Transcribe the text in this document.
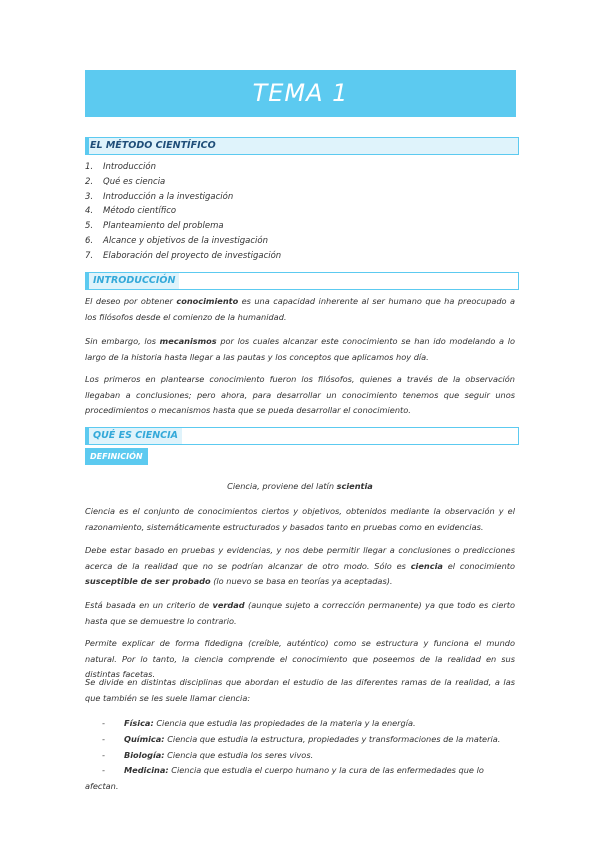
TEMA 1
EL MÉTODO CIENTÍFICO
1. Introducción
2. Qué es ciencia
3. Introducción a la investigación
4. Método científico
5. Planteamiento del problema
6. Alcance y objetivos de la investigación
7. Elaboración del proyecto de investigación
INTRODUCCIÓN
El deseo por obtener conocimiento es una capacidad inherente al ser humano que ha preocupado a los filósofos desde el comienzo de la humanidad.
Sin embargo, los mecanismos por los cuales alcanzar este conocimiento se han ido modelando a lo largo de la historia hasta llegar a las pautas y los conceptos que aplicamos hoy día.
Los primeros en plantearse conocimiento fueron los filósofos, quienes a través de la observación llegaban a conclusiones; pero ahora, para desarrollar un conocimiento tenemos que seguir unos procedimientos o mecanismos hasta que se pueda desarrollar el conocimiento.
QUÉ ES CIENCIA
DEFINICIÓN
Ciencia, proviene del latín scientia
Ciencia es el conjunto de conocimientos ciertos y objetivos, obtenidos mediante la observación y el razonamiento, sistemáticamente estructurados y basados tanto en pruebas como en evidencias.
Debe estar basado en pruebas y evidencias, y nos debe permitir llegar a conclusiones o predicciones acerca de la realidad que no se podrían alcanzar de otro modo. Sólo es ciencia el conocimiento susceptible de ser probado (lo nuevo se basa en teorías ya aceptadas).
Está basada en un criterio de verdad (aunque sujeto a corrección permanente) ya que todo es cierto hasta que se demuestre lo contrario.
Permite explicar de forma fidedigna (creíble, auténtico) como se estructura y funciona el mundo natural. Por lo tanto, la ciencia comprende el conocimiento que poseemos de la realidad en sus distintas facetas.
Se divide en distintas disciplinas que abordan el estudio de las diferentes ramas de la realidad, a las que también se les suele llamar ciencia:
- Física: Ciencia que estudia las propiedades de la materia y la energía.
- Química: Ciencia que estudia la estructura, propiedades y transformaciones de la materia.
- Biología: Ciencia que estudia los seres vivos.
- Medicina: Ciencia que estudia el cuerpo humano y la cura de las enfermedades que lo afectan.
